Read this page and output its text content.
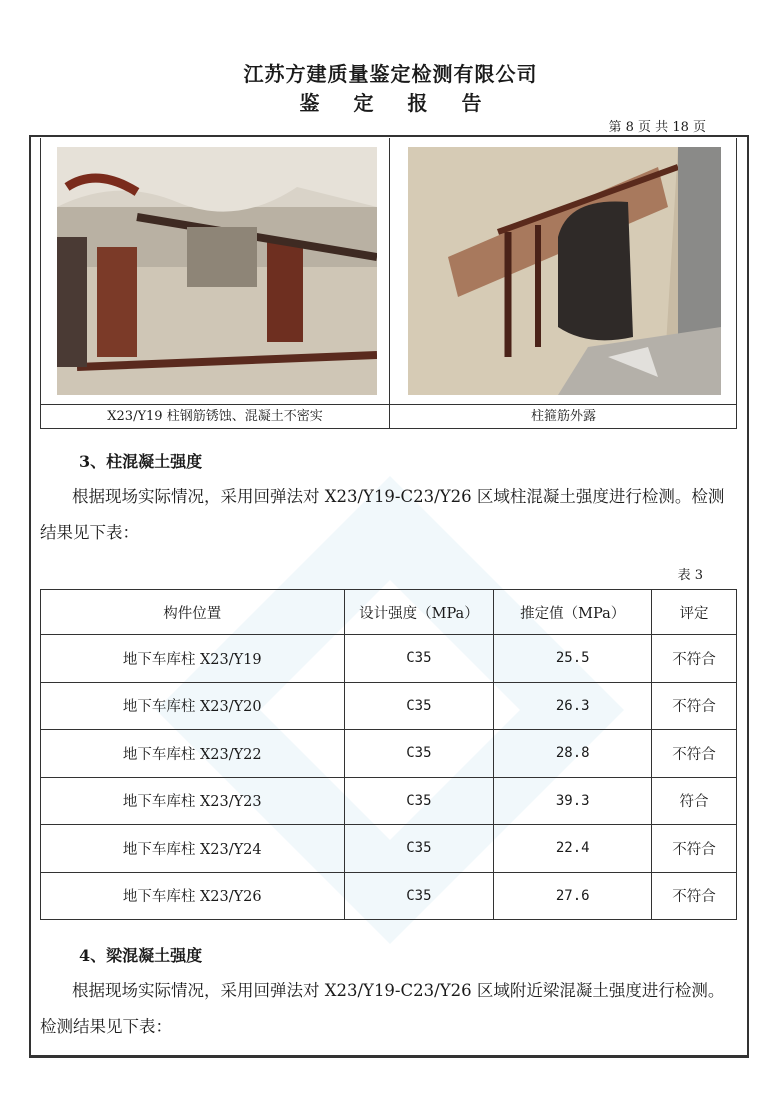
江苏方建质量鉴定检测有限公司
鉴定报告
第 8 页 共 18 页
X23/Y19 柱钢筋锈蚀、混凝土不密实	柱箍筋外露
3、柱混凝土强度
根据现场实际情况，采用回弹法对 X23/Y19-C23/Y26 区域柱混凝土强度进行检测。检测结果见下表：
表 3
构件位置	设计强度（MPa）	推定值（MPa）	评定
地下车库柱 X23/Y19	C35	25.5	不符合
地下车库柱 X23/Y20	C35	26.3	不符合
地下车库柱 X23/Y22	C35	28.8	不符合
地下车库柱 X23/Y23	C35	39.3	符合
地下车库柱 X23/Y24	C35	22.4	不符合
地下车库柱 X23/Y26	C35	27.6	不符合
4、梁混凝土强度
根据现场实际情况，采用回弹法对 X23/Y19-C23/Y26 区域附近梁混凝土强度进行检测。检测结果见下表：
